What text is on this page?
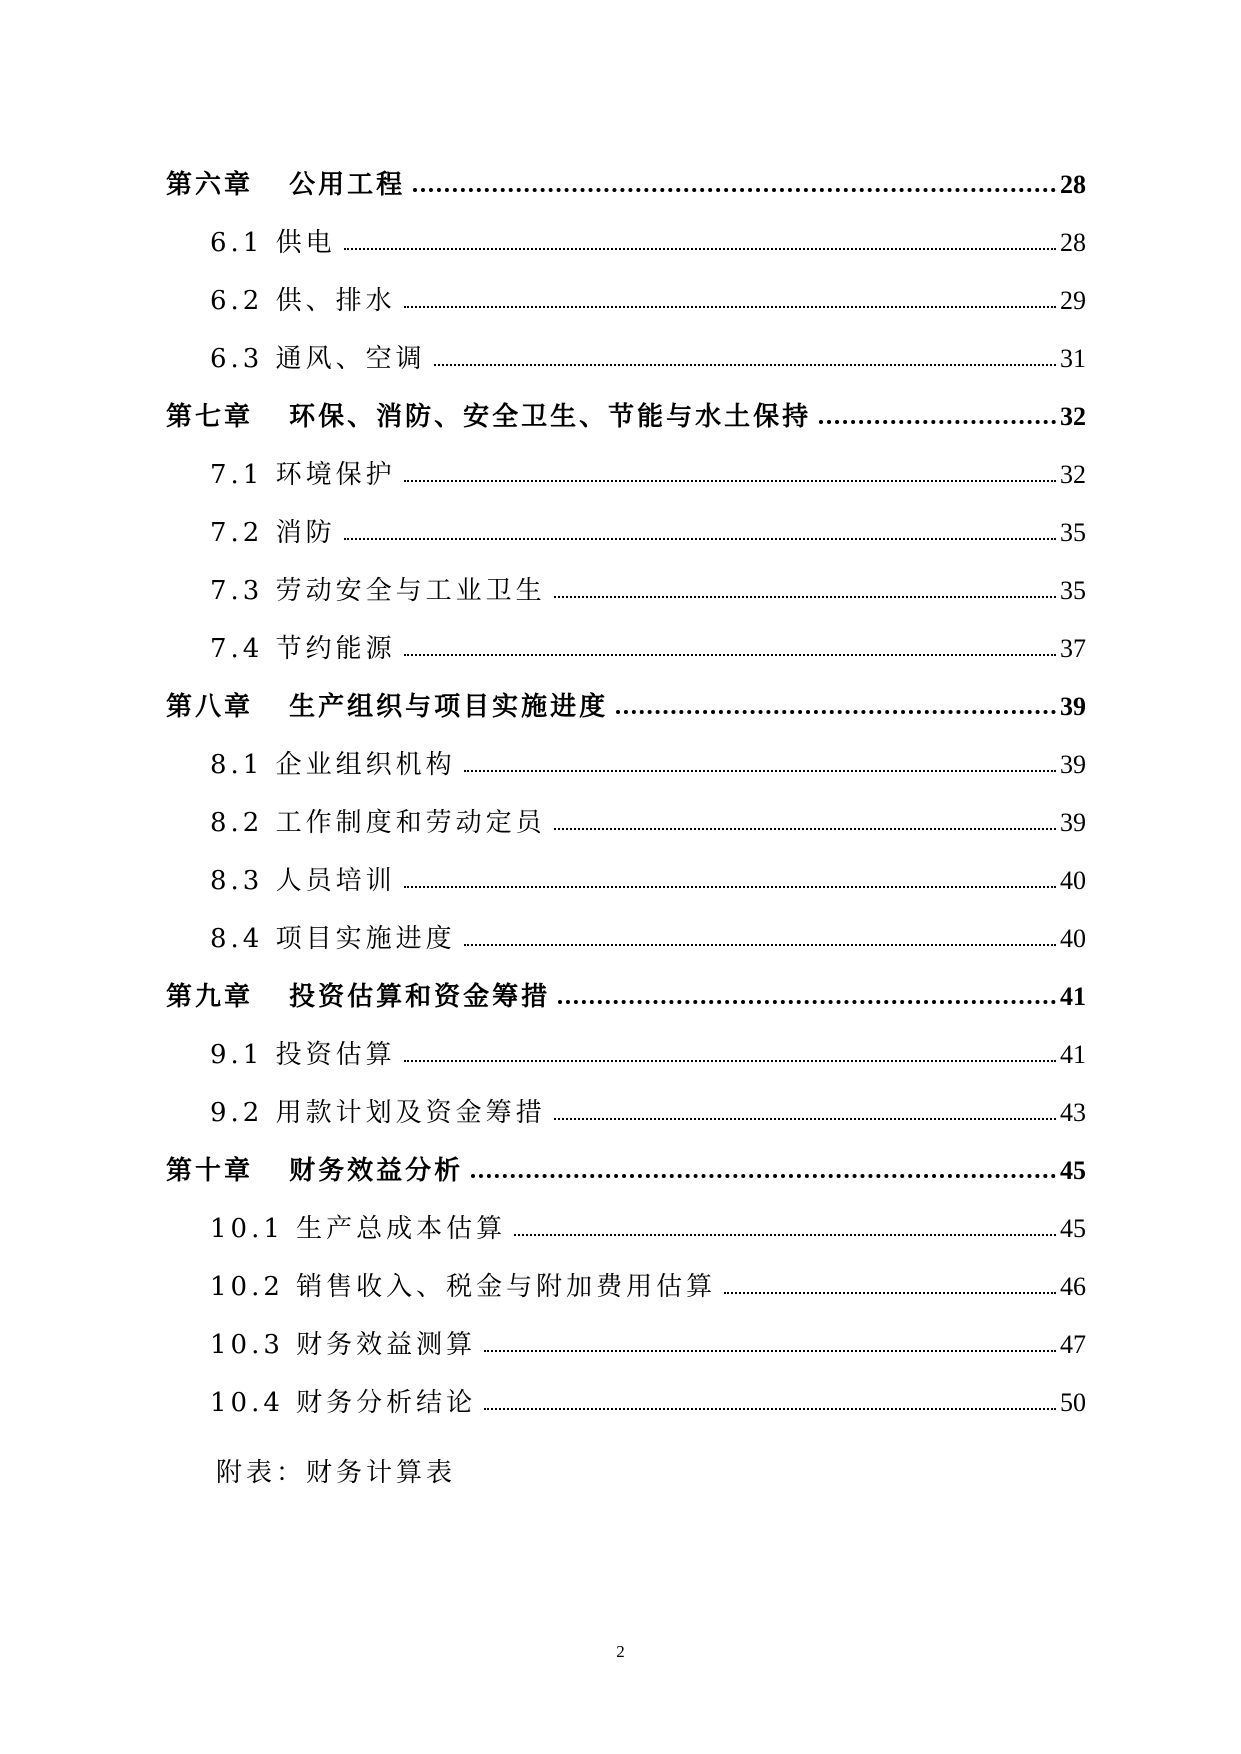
第六章   公用工程	28
6.1 供电	28
6.2 供、排水	29
6.3 通风、空调	31
第七章   环保、消防、安全卫生、节能与水土保持	32
7.1 环境保护	32
7.2 消防	35
7.3 劳动安全与工业卫生	35
7.4 节约能源	37
第八章   生产组织与项目实施进度	39
8.1 企业组织机构	39
8.2 工作制度和劳动定员	39
8.3 人员培训	40
8.4 项目实施进度	40
第九章   投资估算和资金筹措	41
9.1 投资估算	41
9.2 用款计划及资金筹措	43
第十章   财务效益分析	45
10.1 生产总成本估算	45
10.2 销售收入、税金与附加费用估算	46
10.3 财务效益测算	47
10.4 财务分析结论	50
附表：财务计算表
2
